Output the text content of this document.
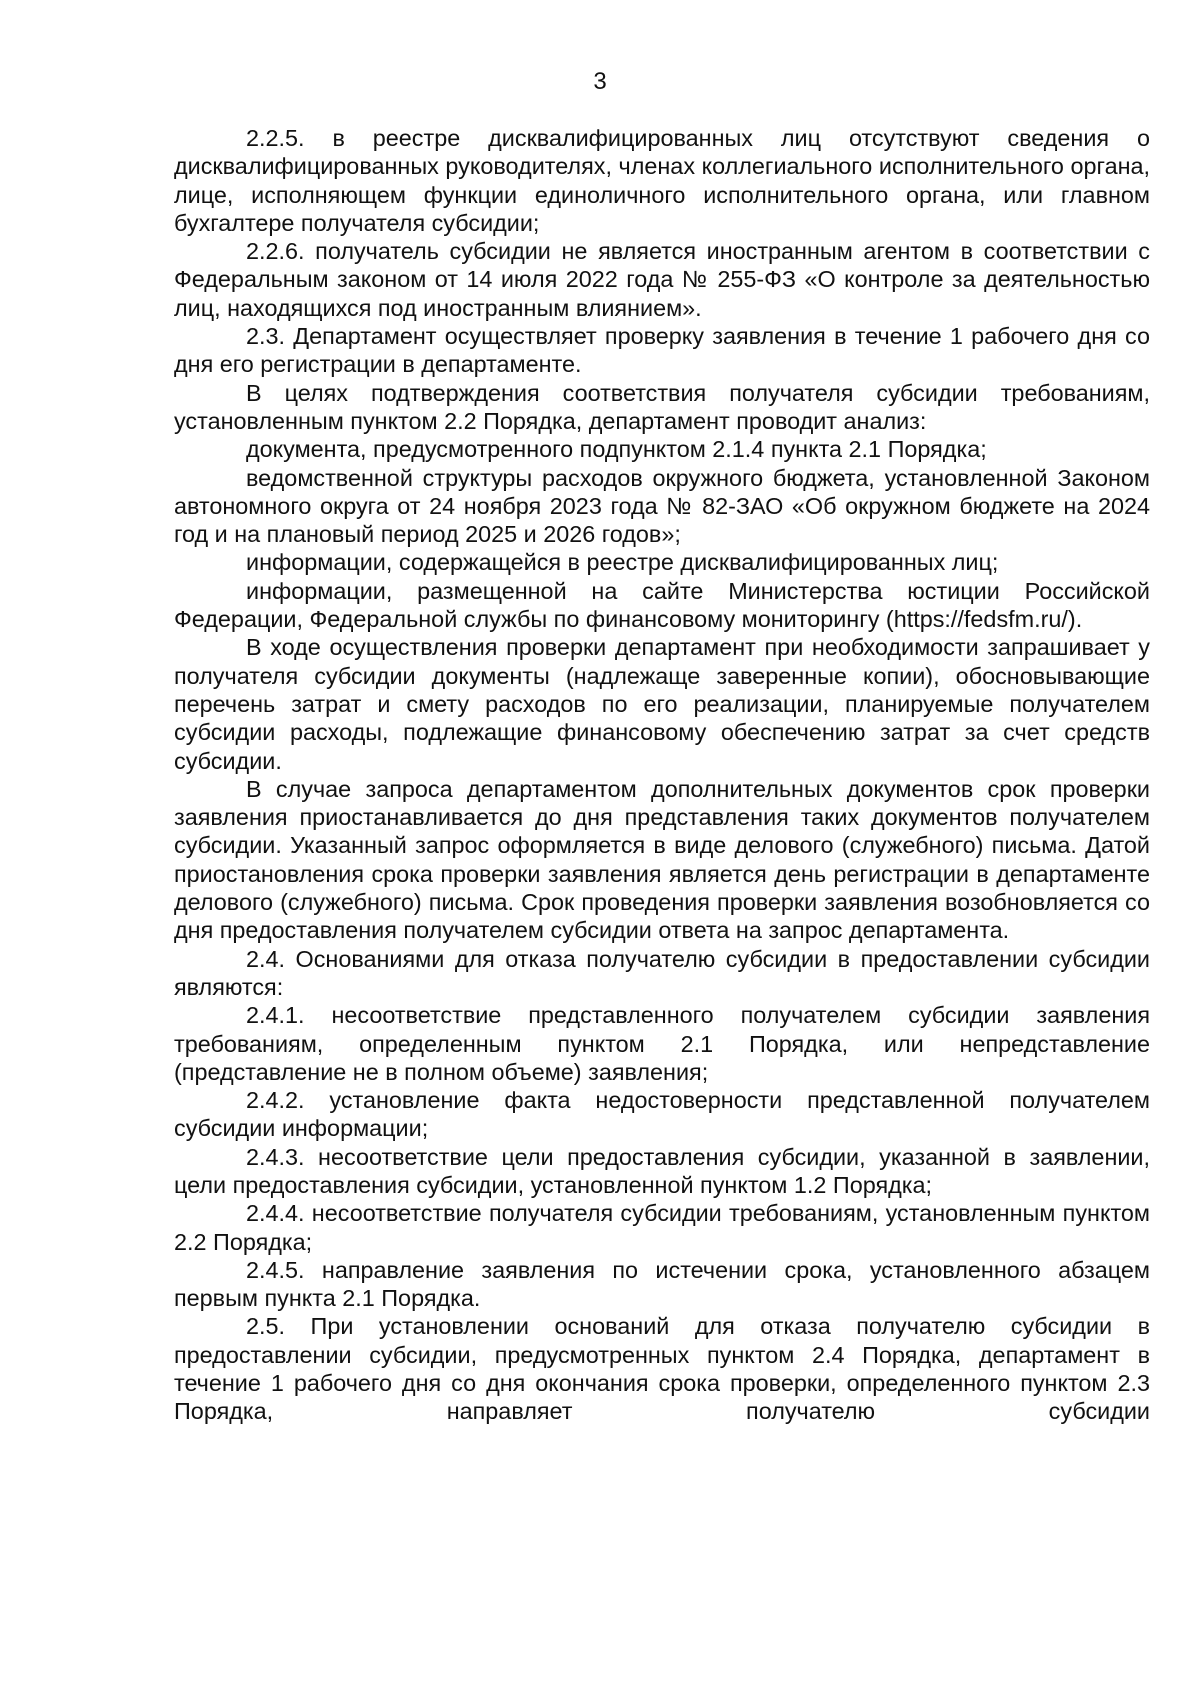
3

2.2.5. в реестре дисквалифицированных лиц отсутствуют сведения о дисквалифицированных руководителях, членах коллегиального исполнительного органа, лице, исполняющем функции единоличного исполнительного органа, или главном бухгалтере получателя субсидии;

2.2.6. получатель субсидии не является иностранным агентом в соответствии с Федеральным законом от 14 июля 2022 года № 255-ФЗ «О контроле за деятельностью лиц, находящихся под иностранным влиянием».

2.3. Департамент осуществляет проверку заявления в течение 1 рабочего дня со дня его регистрации в департаменте.

В целях подтверждения соответствия получателя субсидии требованиям, установленным пунктом 2.2 Порядка, департамент проводит анализ:

документа, предусмотренного подпунктом 2.1.4 пункта 2.1 Порядка;

ведомственной структуры расходов окружного бюджета, установленной Законом автономного округа от 24 ноября 2023 года № 82-ЗАО «Об окружном бюджете на 2024 год и на плановый период 2025 и 2026 годов»;

информации, содержащейся в реестре дисквалифицированных лиц;

информации, размещенной на сайте Министерства юстиции Российской Федерации, Федеральной службы по финансовому мониторингу (https://fedsfm.ru/).

В ходе осуществления проверки департамент при необходимости запрашивает у получателя субсидии документы (надлежаще заверенные копии), обосновывающие перечень затрат и смету расходов по его реализации, планируемые получателем субсидии расходы, подлежащие финансовому обеспечению затрат за счет средств субсидии.

В случае запроса департаментом дополнительных документов срок проверки заявления приостанавливается до дня представления таких документов получателем субсидии. Указанный запрос оформляется в виде делового (служебного) письма. Датой приостановления срока проверки заявления является день регистрации в департаменте делового (служебного) письма. Срок проведения проверки заявления возобновляется со дня предоставления получателем субсидии ответа на запрос департамента.

2.4. Основаниями для отказа получателю субсидии в предоставлении субсидии являются:

2.4.1. несоответствие представленного получателем субсидии заявления требованиям, определенным пунктом 2.1 Порядка, или непредставление (представление не в полном объеме) заявления;

2.4.2. установление факта недостоверности представленной получателем субсидии информации;

2.4.3. несоответствие цели предоставления субсидии, указанной в заявлении, цели предоставления субсидии, установленной пунктом 1.2 Порядка;

2.4.4. несоответствие получателя субсидии требованиям, установленным пунктом 2.2 Порядка;

2.4.5. направление заявления по истечении срока, установленного абзацем первым пункта 2.1 Порядка.

2.5. При установлении оснований для отказа получателю субсидии в предоставлении субсидии, предусмотренных пунктом 2.4 Порядка, департамент в течение 1 рабочего дня со дня окончания срока проверки, определенного пунктом 2.3 Порядка, направляет получателю субсидии
